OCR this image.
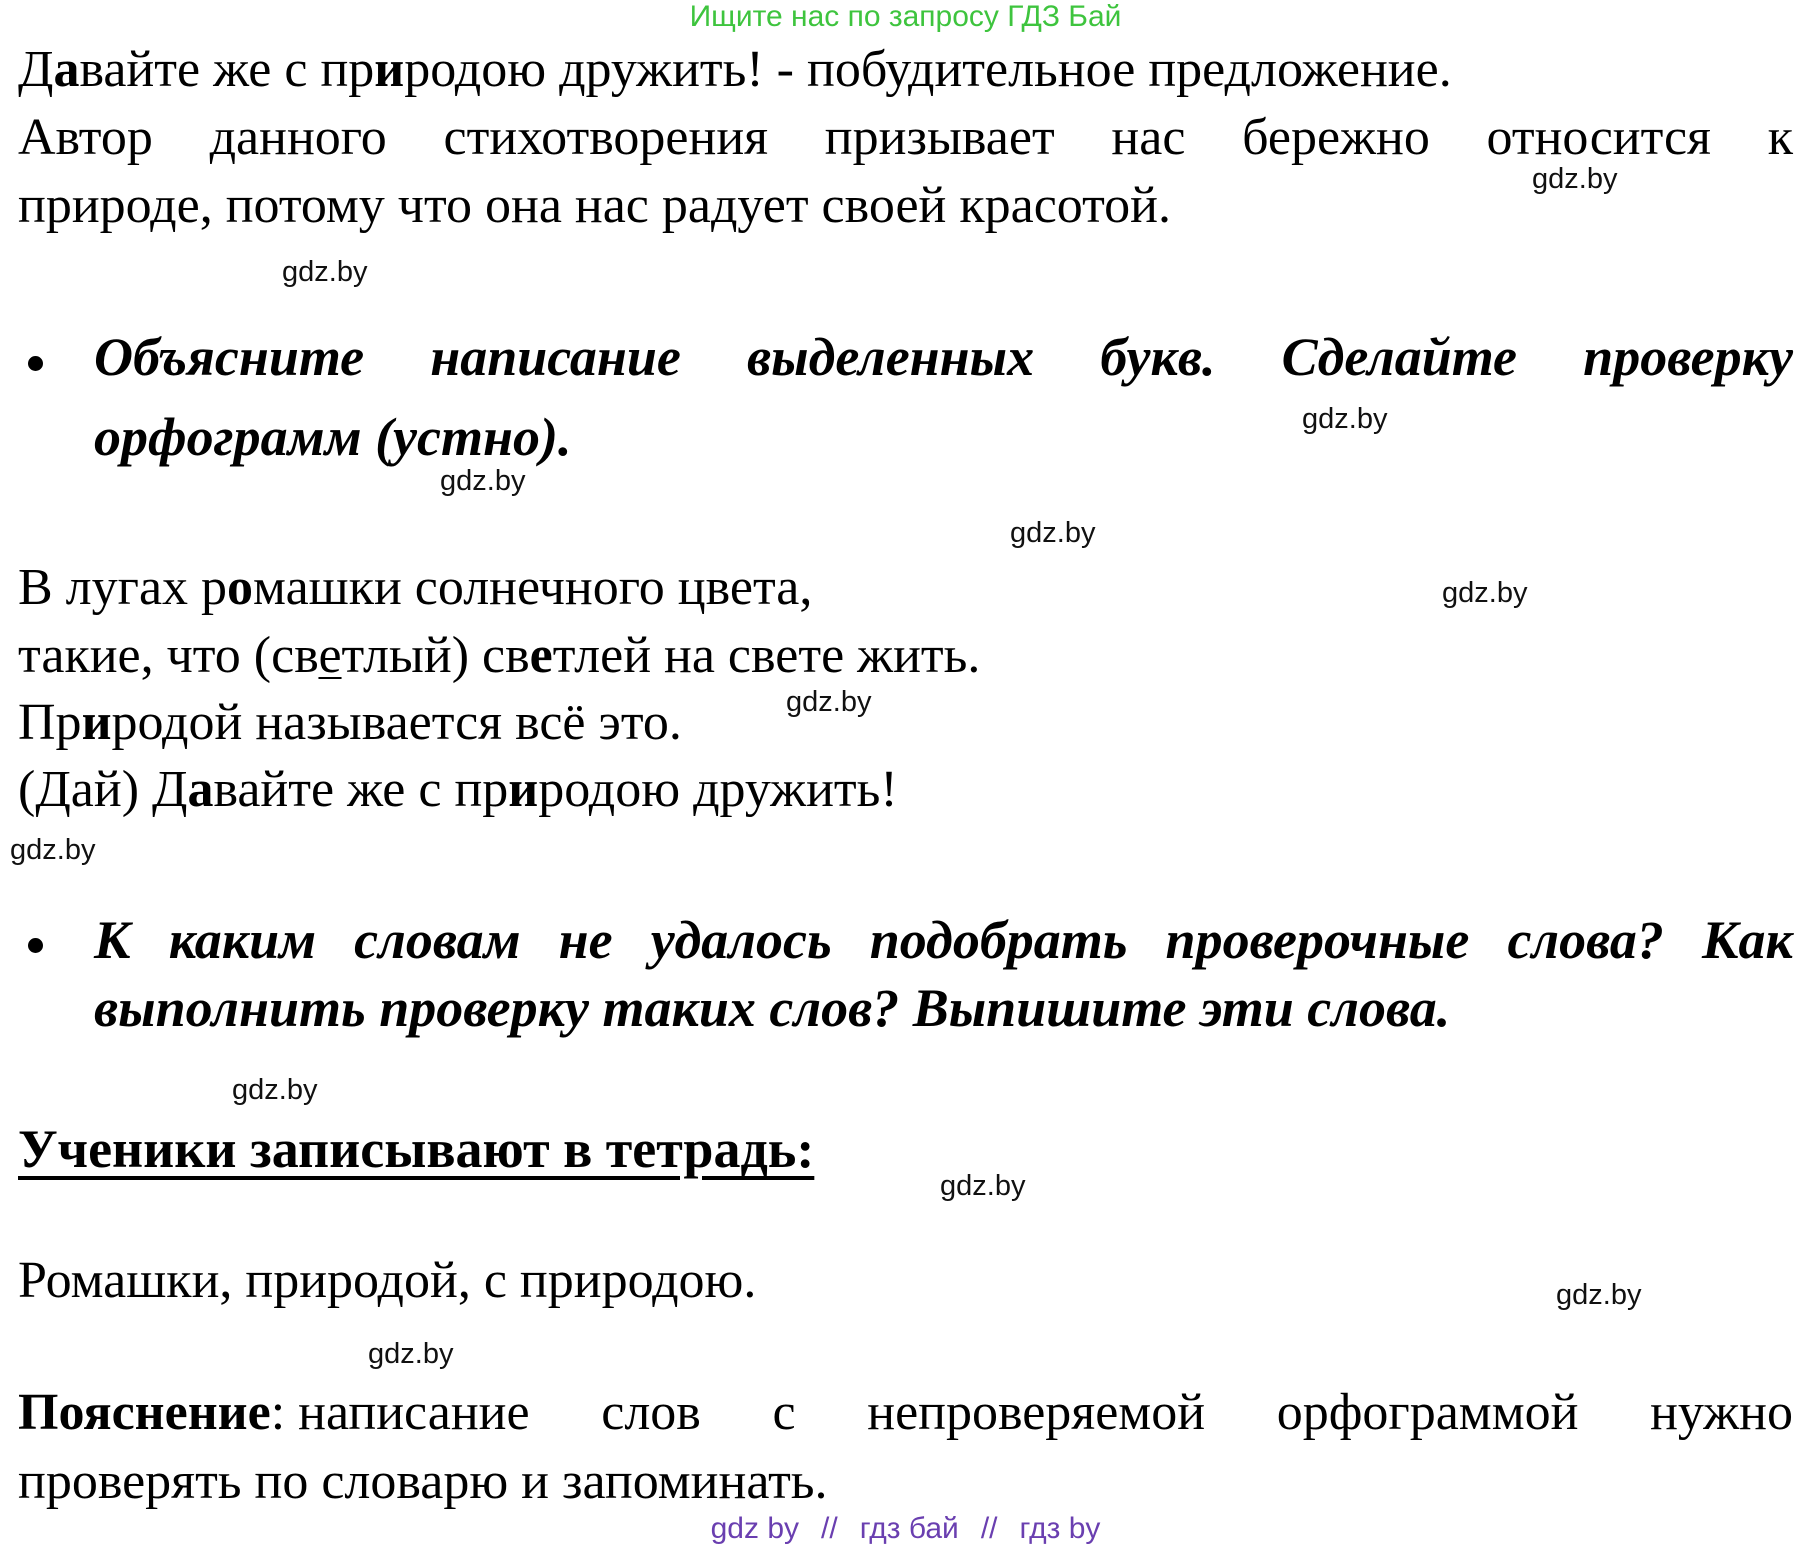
Ищите нас по запросу ГДЗ Бай
Давайте же с природою дружить! - побудительное предложение.
Автор данного стихотворения призывает нас бережно относится к
природе, потому что она нас радует своей красотой.
Объясните написание выделенных букв. Сделайте проверку
орфограмм (устно).
В лугах ромашки солнечного цвета,
такие, что (светлый) светлей на свете жить.
Природой называется всё это.
(Дай) Давайте же с природою дружить!
К каким словам не удалось подобрать проверочные слова? Как
выполнить проверку таких слов? Выпишите эти слова.
Ученики записывают в тетрадь:
Ромашки, природой, с природою.
Пояснение: написание слов с непроверяемой орфограммой нужно
проверять по словарю и запоминать.
gdz.by
gdz.by
gdz.by
gdz.by
gdz.by
gdz.by
gdz.by
gdz.by
gdz.by
gdz.by
gdz.by
gdz.by
gdz by // гдз бай // гдз by
